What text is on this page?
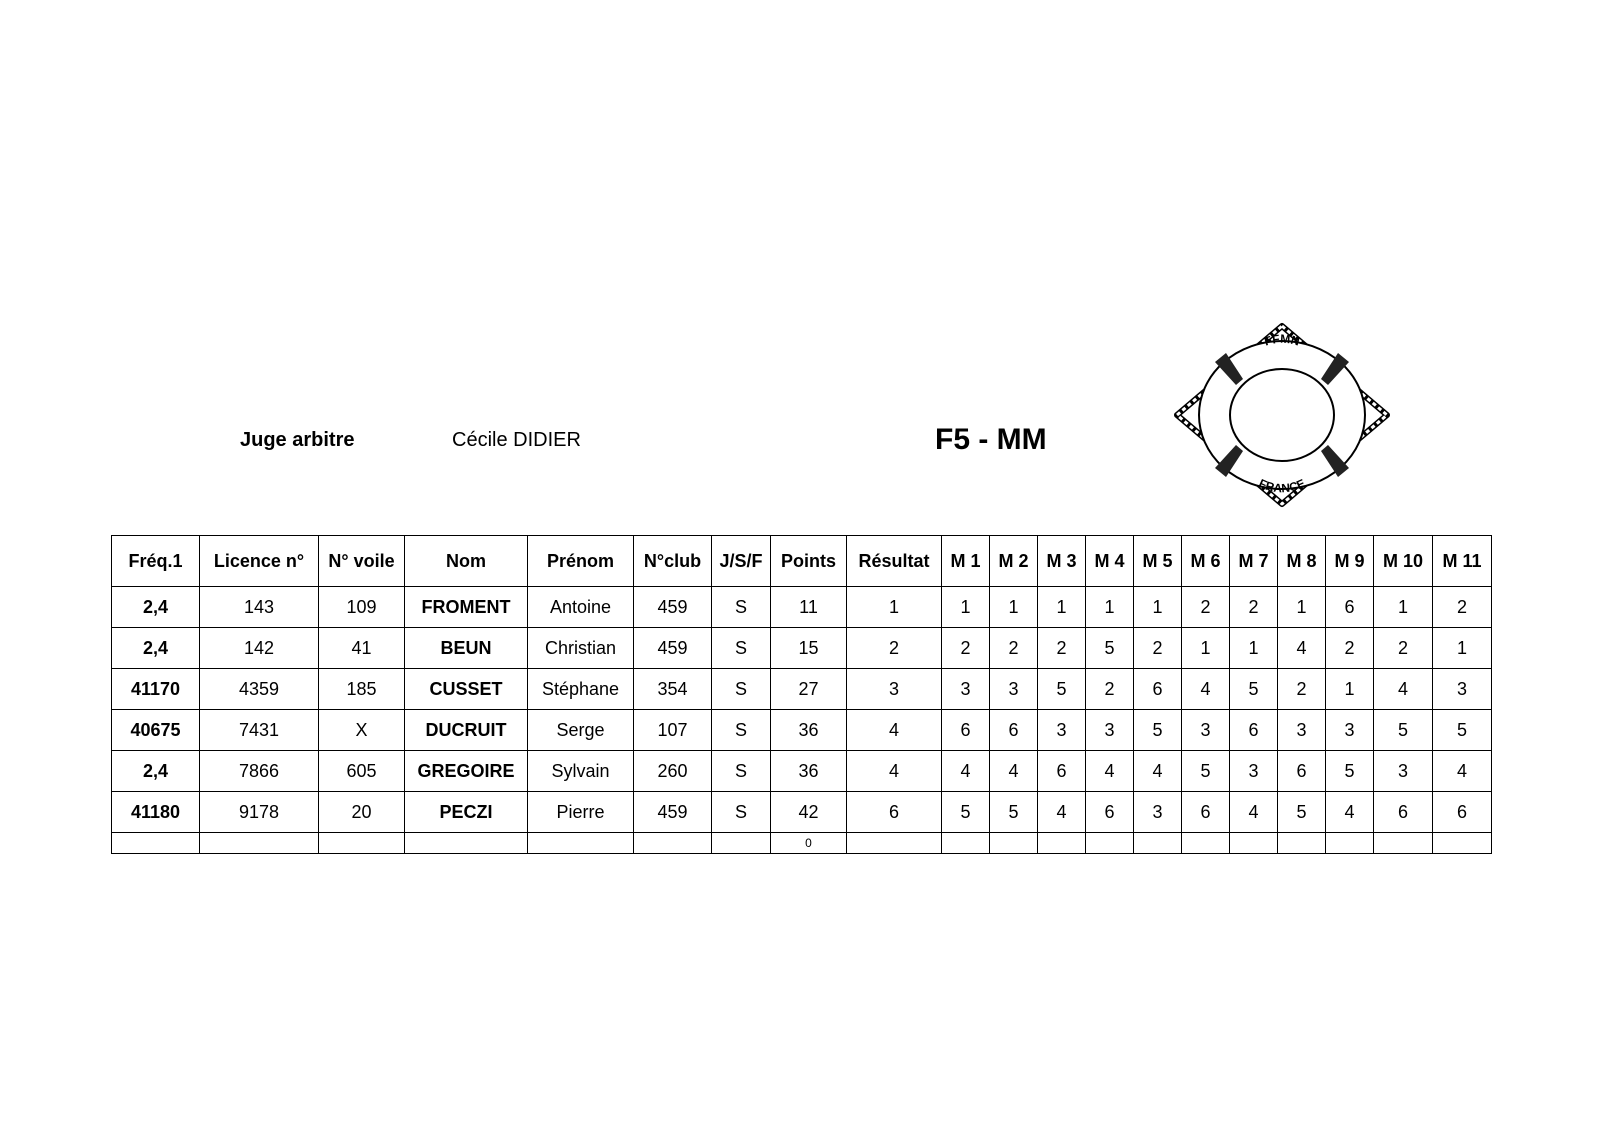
Juge arbitre	Cécile DIDIER	F5 - MM
FFMN
FRANCE
Fréq.1	Licence n°	N° voile	Nom	Prénom	N°club	J/S/F	Points	Résultat	M 1	M 2	M 3	M 4	M 5	M 6	M 7	M 8	M 9	M 10	M 11
2,4	143	109	FROMENT	Antoine	459	S	11	1	1	1	1	1	1	2	2	1	6	1	2
2,4	142	41	BEUN	Christian	459	S	15	2	2	2	2	5	2	1	1	4	2	2	1
41170	4359	185	CUSSET	Stéphane	354	S	27	3	3	3	5	2	6	4	5	2	1	4	3
40675	7431	X	DUCRUIT	Serge	107	S	36	4	6	6	3	3	5	3	6	3	3	5	5
2,4	7866	605	GREGOIRE	Sylvain	260	S	36	4	4	4	6	4	4	5	3	6	5	3	4
41180	9178	20	PECZI	Pierre	459	S	42	6	5	5	4	6	3	6	4	5	4	6	6
							0												
